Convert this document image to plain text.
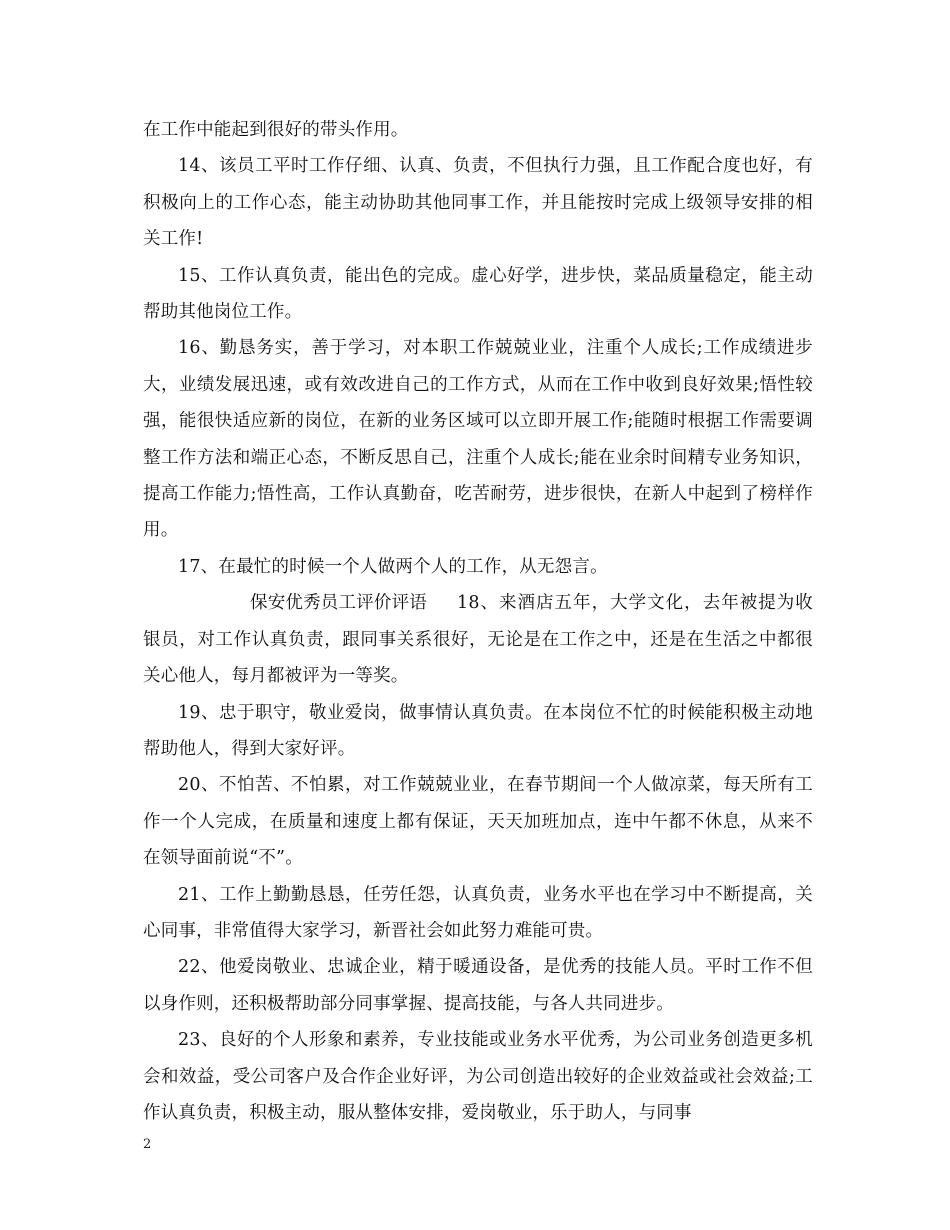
在工作中能起到很好的带头作用。

14、该员工平时工作仔细、认真、负责，不但执行力强，且工作配合度也好，有积极向上的工作心态，能主动协助其他同事工作，并且能按时完成上级领导安排的相关工作!

15、工作认真负责，能出色的完成。虚心好学，进步快，菜品质量稳定，能主动帮助其他岗位工作。

16、勤恳务实，善于学习，对本职工作兢兢业业，注重个人成长;工作成绩进步大，业绩发展迅速，或有效改进自己的工作方式，从而在工作中收到良好效果;悟性较强，能很快适应新的岗位，在新的业务区域可以立即开展工作;能随时根据工作需要调整工作方法和端正心态，不断反思自己，注重个人成长;能在业余时间精专业务知识，提高工作能力;悟性高，工作认真勤奋，吃苦耐劳，进步很快，在新人中起到了榜样作用。

17、在最忙的时候一个人做两个人的工作，从无怨言。

保安优秀员工评价评语 18、来酒店五年，大学文化，去年被提为收银员，对工作认真负责，跟同事关系很好，无论是在工作之中，还是在生活之中都很关心他人，每月都被评为一等奖。

19、忠于职守，敬业爱岗，做事情认真负责。在本岗位不忙的时候能积极主动地帮助他人，得到大家好评。

20、不怕苦、不怕累，对工作兢兢业业，在春节期间一个人做凉菜，每天所有工作一个人完成，在质量和速度上都有保证，天天加班加点，连中午都不休息，从来不在领导面前说“不”。

21、工作上勤勤恳恳，任劳任怨，认真负责，业务水平也在学习中不断提高，关心同事，非常值得大家学习，新晋社会如此努力难能可贵。

22、他爱岗敬业、忠诚企业，精于暖通设备，是优秀的技能人员。平时工作不但以身作则，还积极帮助部分同事掌握、提高技能，与各人共同进步。

23、良好的个人形象和素养，专业技能或业务水平优秀，为公司业务创造更多机会和效益，受公司客户及合作企业好评，为公司创造出较好的企业效益或社会效益;工作认真负责，积极主动，服从整体安排，爱岗敬业，乐于助人，与同事

2
